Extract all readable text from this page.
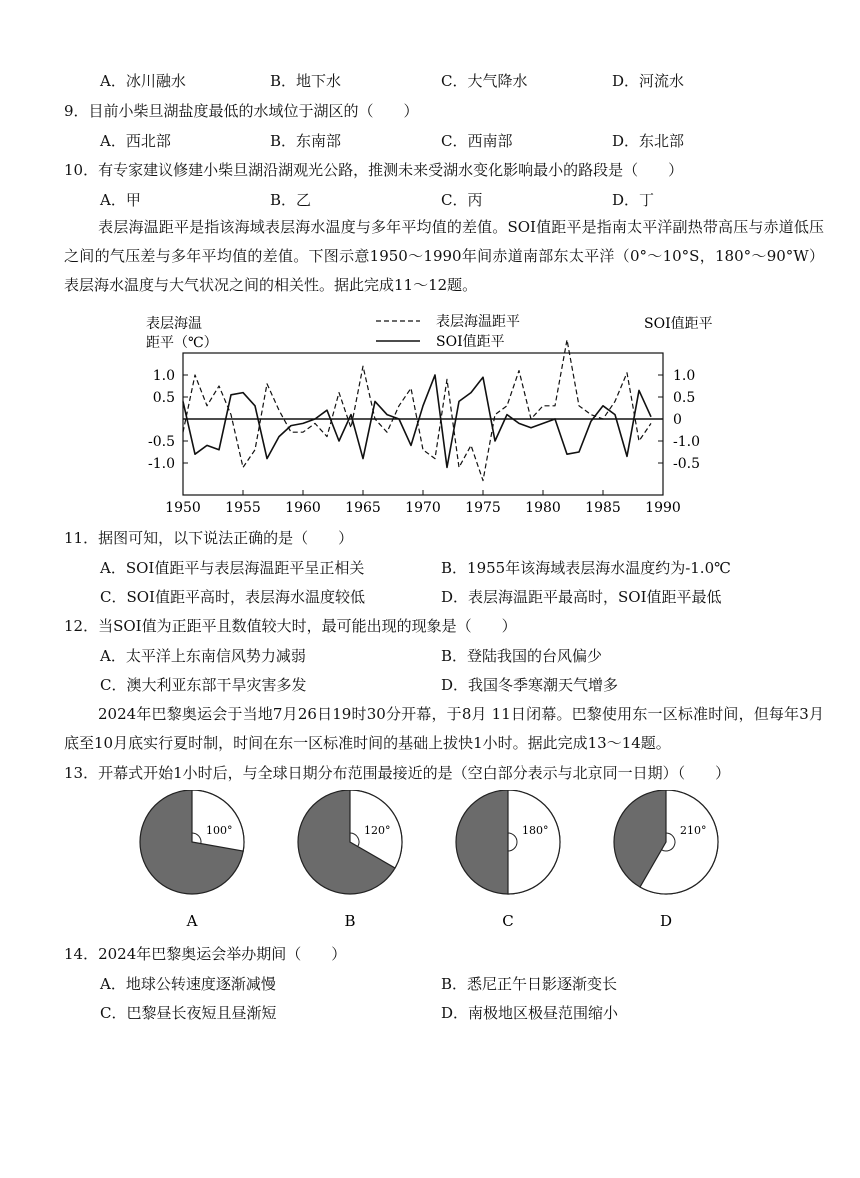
A．冰川融水	B．地下水	C．大气降水	D．河流水
9．目前小柴旦湖盐度最低的水域位于湖区的（　　）
A．西北部	B．东南部	C．西南部	D．东北部
10．有专家建议修建小柴旦湖沿湖观光公路，推测未来受湖水变化影响最小的路段是（　　）
A．甲	B．乙	C．丙	D．丁
表层海温距平是指该海域表层海水温度与多年平均值的差值。SOI值距平是指南太平洋副热带高压与赤道低压之间的气压差与多年平均值的差值。下图示意1950～1990年间赤道南部东太平洋（0°～10°S，180°～90°W）表层海水温度与大气状况之间的相关性。据此完成11～12题。
表层海温
距平（℃）
SOI值距平
表层海温距平
SOI值距平
1.0
0.5
-0.5
-1.0
1.0
0.5
0
-1.0
-0.5
1950 1955 1960 1965 1970 1975 1980 1985 1990
11．据图可知，以下说法正确的是（　　）
A．SOI值距平与表层海温距平呈正相关	B．1955年该海域表层海水温度约为-1.0℃
C．SOI值距平高时，表层海水温度较低	D．表层海温距平最高时，SOI值距平最低
12．当SOI值为正距平且数值较大时，最可能出现的现象是（　　）
A．太平洋上东南信风势力减弱	B．登陆我国的台风偏少
C．澳大利亚东部干旱灾害多发	D．我国冬季寒潮天气增多
2024年巴黎奥运会于当地7月26日19时30分开幕，于8月 11日闭幕。巴黎使用东一区标准时间，但每年3月底至10月底实行夏时制，时间在东一区标准时间的基础上拔快1小时。据此完成13～14题。
13．开幕式开始1小时后，与全球日期分布范围最接近的是（空白部分表示与北京同一日期）（　　）
100°
A
120°
B
180°
C
210°
D
14．2024年巴黎奥运会举办期间（　　）
A．地球公转速度逐渐减慢	B．悉尼正午日影逐渐变长
C．巴黎昼长夜短且昼渐短	D．南极地区极昼范围缩小
